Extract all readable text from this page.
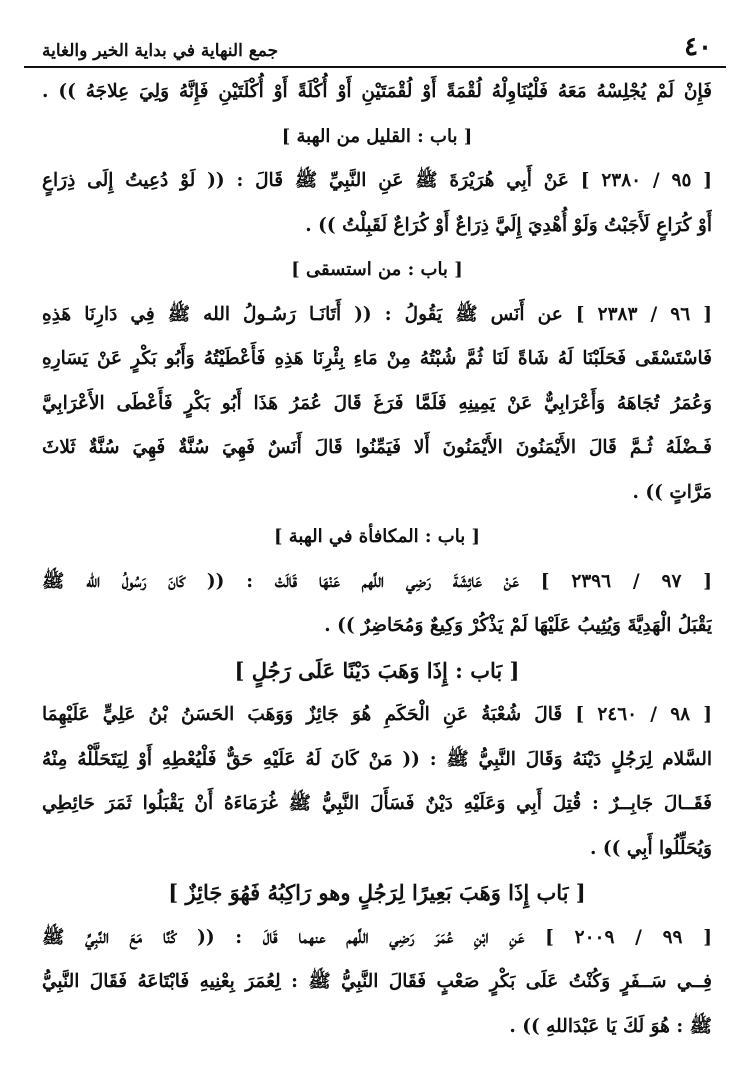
٤٠
جمع النهاية في بداية الخير والغاية
فَإِنْ لَمْ يُجْلِسْهُ مَعَهُ فَلْيُنَاوِلْهُ لُقْمَةً أَوْ لُقْمَتَيْنِ أَوْ أُكْلَةً أَوْ أُكْلَتَيْنِ فَإِنَّهُ وَلِيَ عِلاجَهُ )) .
[ باب : القليل من الهبة ]
[ ٩٥ / ٢٣٨٠ ] عَنْ أَبِي هُرَيْرَةَ ﷺ عَنِ النَّبِيِّ ﷺ قَالَ : (( لَوْ دُعِيتُ إِلَى ذِرَاعٍ
أَوْ كُرَاعٍ لَأَجَبْتُ وَلَوْ أُهْدِيَ إِلَيَّ ذِرَاعٌ أَوْ كُرَاعٌ لَقَبِلْتُ )) .
[ باب : من استسقى ]
[ ٩٦ / ٢٣٨٣ ] عن أَنَس ﷺ يَقُولُ : (( أَتَانَـا رَسُـولُ الله ﷺ فِي دَارِنَا هَذِهِ
فَاسْتَسْقَى فَحَلَبْنَا لَهُ شَاةً لَنَا ثُمَّ شُبْتُهُ مِنْ مَاءِ بِئْرِنَا هَذِهِ فَأَعْطَيْتُهُ وَأَبُو بَكْرٍ عَنْ يَسَارِهِ
وَعُمَرُ تُجَاهَهُ وَأَعْرَابِيٌّ عَنْ يَمِينِهِ فَلَمَّا فَرَغَ قَالَ عُمَرُ هَذَا أَبُو بَكْرٍ فَأَعْطَى الأَعْرَابِيَّ
فَـضْلَهُ ثُـمَّ قَالَ الأَيْمَنُونَ الأَيْمَنُونَ أَلا فَيَمِّنُوا قَالَ أَنَسٌ فَهِيَ سُنَّةٌ فَهِيَ سُنَّةٌ ثَلاثَ
مَرَّاتٍ )) .
[ باب : المكافأة في الهبة ]
[ ٩٧ / ٢٣٩٦ ] عَنْ عَائِشَةَ رَضِي اللَّهم عَنْهَا قَالَتْ : (( كَانَ رَسُولُ الله ﷺ
يَقْبَلُ الْهَدِيَّةَ وَيُثِيبُ عَلَيْهَا لَمْ يَذْكُرْ وَكِيعٌ وَمُحَاضِرٌ )) .
[ بَاب : إِذَا وَهَبَ دَيْنًا عَلَى رَجُلٍ ]
[ ٩٨ / ٢٤٦٠ ] قَالَ شُعْبَةُ عَنِ الْحَكَمِ هُوَ جَائِزٌ وَوَهَبَ الحَسَنُ بْنُ عَلِيٍّ عَلَيْهِمَا
السَّلام لِرَجُلٍ دَيْنَهُ وَقَالَ النَّبِيُّ ﷺ : (( مَنْ كَانَ لَهُ عَلَيْهِ حَقٌّ فَلْيُعْطِهِ أَوْ لِيَتَحَلَّلْهُ مِنْهُ
فَقَــالَ جَابِــرٌ : قُتِلَ أَبِي وَعَلَيْهِ دَيْنٌ فَسَأَلَ النَّبِيُّ ﷺ غُرَمَاءَهُ أَنْ يَقْبَلُوا ثَمَرَ حَائِطِي
وَيُحَلِّلُوا أَبِي )) .
[ بَاب إِذَا وَهَبَ بَعِيرًا لِرَجُلٍ وهو رَاكِبُهُ فَهُوَ جَائِزٌ ]
[ ٩٩ / ٢٠٠٩ ] عَنِ ابْنِ عُمَرَ رَضِي اللَّهم عنهما قَالَ : (( كُنَّا مَعَ النَّبِيِّ ﷺ
فِــي سَــفَرٍ وَكُنْتُ عَلَى بَكْرٍ صَعْبٍ فَقَالَ النَّبِيُّ ﷺ : لِعُمَرَ بِعْنِيهِ فَابْتَاعَهُ فَقَالَ النَّبِيُّ
ﷺ : هُوَ لَكَ يَا عَبْدَاللهِ )) .
